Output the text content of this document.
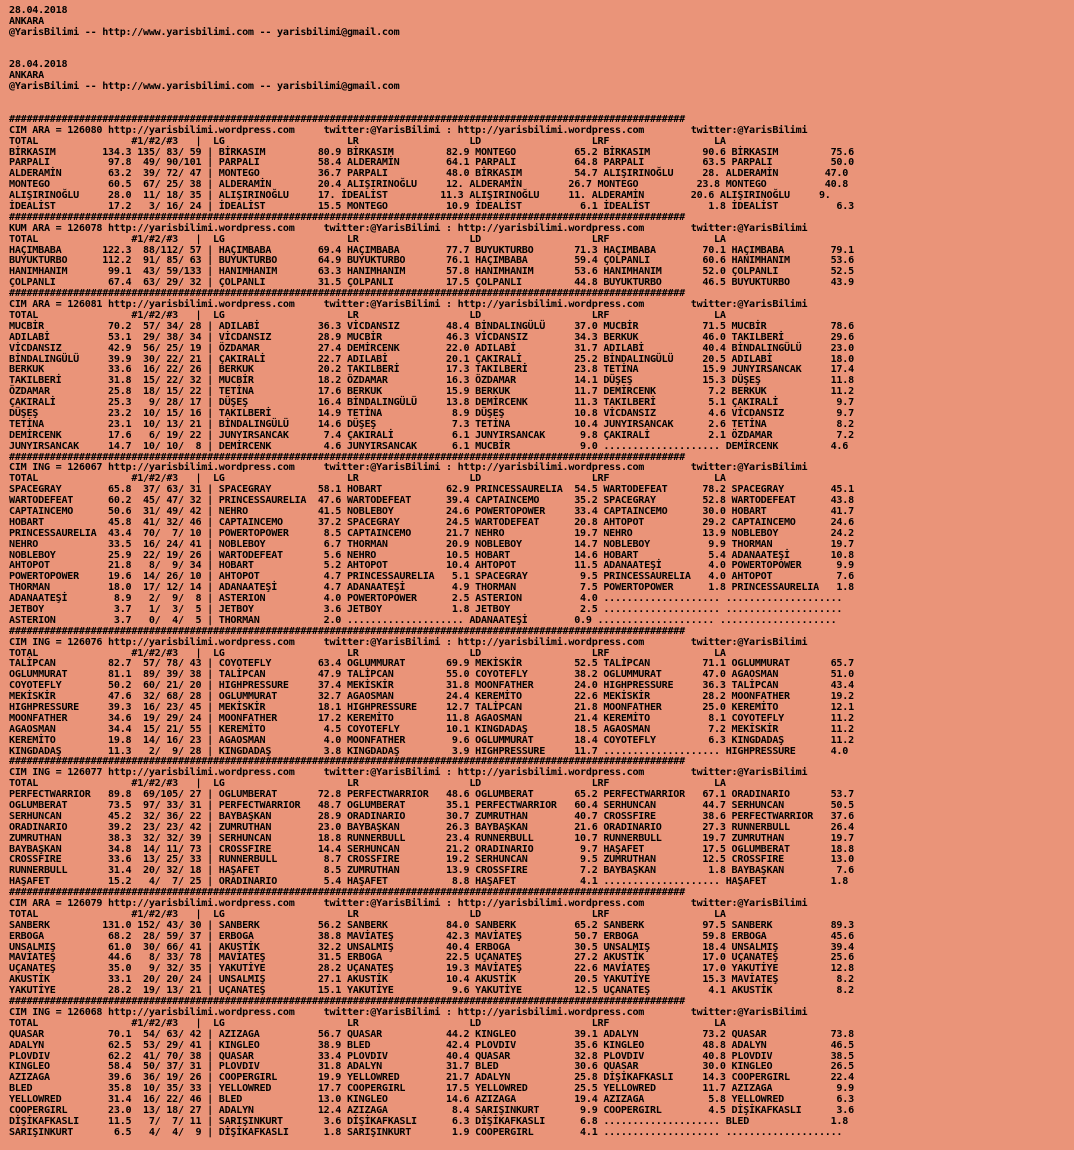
28.04.2018
ANKARA
@YarisBilimi -- http://www.yarisbilimi.com -- yarisbilimi@gmail.com

28.04.2018
ANKARA
@YarisBilimi -- http://www.yarisbilimi.com -- yarisbilimi@gmail.com

####################################################################################################################
CIM ARA = 126080 http://yarisbilimi.wordpress.com     twitter:@YarisBilimi : http://yarisbilimi.wordpress.com        twitter:@YarisBilimi
TOTAL                #1/#2/#3   |  LG                     LR                   LD                   LRF                  LA
BİRKASIM        134.3 135/ 83/ 59 | BİRKASIM         80.9 BİRKASIM         82.9 MONTEGO          65.2 BİRKASIM         90.6 BİRKASIM         75.6
PARPALI          97.8  49/ 90/101 | PARPALI          58.4 ALDERAMİN        64.1 PARPALI          64.8 PARPALI          63.5 PARPALI          50.0
ALDERAMİN        63.2  39/ 72/ 47 | MONTEGO          36.7 PARPALI          48.0 BİRKASIM         54.7 ALIŞIRINOĞLU     28. ALDERAMİN        47.0
MONTEGO          60.5  67/ 25/ 38 | ALDERAMİN        20.4 ALIŞIRINOĞLU     12. ALDERAMİN        26.7 MONTEGO          23.8 MONTEGO          40.8
ALIŞIRINOĞLU     28.0  11/ 18/ 35 | ALIŞIRINOĞLU     17. İDEALİST         11.3 ALIŞIRINOĞLU     11. ALDERAMİN        20.6 ALIŞIRINOĞLU     9.
İDEALİST         17.2   3/ 16/ 24 | İDEALİST         15.5 MONTEGO          10.9 İDEALİST          6.1 İDEALİST          1.8 İDEALİST          6.3
####################################################################################################################
KUM ARA = 126078 http://yarisbilimi.wordpress.com     twitter:@YarisBilimi : http://yarisbilimi.wordpress.com        twitter:@YarisBilimi
TOTAL                #1/#2/#3   |  LG                     LR                   LD                   LRF                  LA
HAÇIMBABA       122.3  88/112/ 57 | HAÇIMBABA        69.4 HAÇIMBABA        77.7 BUYUKTURBO       71.3 HAÇIMBABA        70.1 HAÇIMBABA        79.1
BUYUKTURBO      112.2  91/ 85/ 63 | BUYUKTURBO       64.9 BUYUKTURBO       76.1 HAÇIMBABA        59.4 ÇOLPANLI         60.6 HANIMHANIM       53.6
HANIMHANIM       99.1  43/ 59/133 | HANIMHANIM       63.3 HANIMHANIM       57.8 HANIMHANIM       53.6 HANIMHANIM       52.0 ÇOLPANLI         52.5
ÇOLPANLI         67.4  63/ 29/ 32 | ÇOLPANLI         31.5 ÇOLPANLI         17.5 ÇOLPANLI         44.8 BUYUKTURBO       46.5 BUYUKTURBO       43.9
####################################################################################################################
CIM ARA = 126081 http://yarisbilimi.wordpress.com     twitter:@YarisBilimi : http://yarisbilimi.wordpress.com        twitter:@YarisBilimi
TOTAL                #1/#2/#3   |  LG                     LR                   LD                   LRF                  LA
MUCBİR           70.2  57/ 34/ 28 | ADILABİ          36.3 VİCDANSIZ        48.4 BİNDALINGÜLÜ     37.0 MUCBİR           71.5 MUCBİR           78.6
ADILABİ          53.1  29/ 38/ 34 | VİCDANSIZ        28.9 MUCBİR           46.3 VİCDANSIZ        34.3 BERKUK           46.0 TAKILBERİ        29.6
VİCDANSIZ        42.9  56/ 25/ 19 | ÖZDAMAR          27.4 DEMİRCENK        22.0 ADILABİ          31.7 ADILABİ          40.4 BİNDALINGÜLÜ     23.0
BİNDALINGÜLÜ     39.9  30/ 22/ 21 | ÇAKIRALİ         22.7 ADILABİ          20.1 ÇAKIRALİ         25.2 BİNDALINGÜLÜ     20.5 ADILABİ          18.0
BERKUK           33.6  16/ 22/ 26 | BERKUK           20.2 TAKILBERİ        17.3 TAKILBERİ        23.8 TETİNA           15.9 JUNYIRSANCAK     17.4
TAKILBERİ        31.8  15/ 22/ 32 | MUCBİR           18.2 ÖZDAMAR          16.3 ÖZDAMAR          14.1 DÜŞEŞ            15.3 DÜŞEŞ            11.8
ÖZDAMAR          25.8  18/ 15/ 22 | TETİNA           17.6 BERKUK           15.9 BERKUK           11.7 DEMİRCENK         7.2 BERKUK           11.2
ÇAKIRALİ         25.3   9/ 28/ 17 | DÜŞEŞ            16.4 BİNDALINGÜLÜ     13.8 DEMİRCENK        11.3 TAKILBERİ         5.1 ÇAKIRALİ          9.7
DÜŞEŞ            23.2  10/ 15/ 16 | TAKILBERİ        14.9 TETİNA            8.9 DÜŞEŞ            10.8 VİCDANSIZ         4.6 VİCDANSIZ         9.7
TETİNA           23.1  10/ 13/ 21 | BİNDALINGÜLÜ     14.6 DÜŞEŞ             7.3 TETİNA           10.4 JUNYIRSANCAK      2.6 TETİNA            8.2
DEMİRCENK        17.6   6/ 19/ 22 | JUNYIRSANCAK      7.4 ÇAKIRALİ          6.1 JUNYIRSANCAK      9.8 ÇAKIRALİ          2.1 ÖZDAMAR           7.2
JUNYIRSANCAK     14.7  10/ 10/  8 | DEMİRCENK         4.6 JUNYIRSANCAK      6.1 MUCBİR            9.0 .................... DEMİRCENK         4.6
####################################################################################################################
CIM ING = 126067 http://yarisbilimi.wordpress.com     twitter:@YarisBilimi : http://yarisbilimi.wordpress.com        twitter:@YarisBilimi
TOTAL                #1/#2/#3   |  LG                     LR                   LD                   LRF                  LA
SPACEGRAY        65.8  37/ 63/ 31 | SPACEGRAY        58.1 HOBART           62.9 PRINCESSAURELIA  54.5 WARTODEFEAT      78.2 SPACEGRAY        45.1
WARTODEFEAT      60.2  45/ 47/ 32 | PRINCESSAURELIA  47.6 WARTODEFEAT      39.4 CAPTAINCEMO      35.2 SPACEGRAY        52.8 WARTODEFEAT      43.8
CAPTAINCEMO      50.6  31/ 49/ 42 | NEHRO            41.5 NOBLEBOY         24.6 POWERTOPOWER     33.4 CAPTAINCEMO      30.0 HOBART           41.7
HOBART           45.8  41/ 32/ 46 | CAPTAINCEMO      37.2 SPACEGRAY        24.5 WARTODEFEAT      20.8 AHTOPOT          29.2 CAPTAINCEMO      24.6
PRINCESSAURELIA  43.4  70/  7/ 10 | POWERTOPOWER      8.5 CAPTAINCEMO      21.7 NEHRO            19.7 NEHRO            13.9 NOBLEBOY         24.2
NEHRO            33.5  16/ 24/ 41 | NOBLEBOY          6.7 THORMAN          20.9 NOBLEBOY         14.7 NOBLEBOY          9.9 THORMAN          19.7
NOBLEBOY         25.9  22/ 19/ 26 | WARTODEFEAT       5.6 NEHRO            10.5 HOBART           14.6 HOBART            5.4 ADANAATEŞİ       10.8
AHTOPOT          21.8   8/  9/ 34 | HOBART            5.2 AHTOPOT          10.4 AHTOPOT          11.5 ADANAATEŞİ        4.0 POWERTOPOWER      9.9
POWERTOPOWER     19.6  14/ 26/ 10 | AHTOPOT           4.7 PRINCESSAURELIA   5.1 SPACEGRAY         9.5 PRINCESSAURELIA   4.0 AHTOPOT           7.6
THORMAN          18.0  17/ 12/ 14 | ADANAATEŞİ        4.7 ADANAATEŞİ        4.9 THORMAN           7.5 POWERTOPOWER      1.8 PRINCESSAURELIA   1.8
ADANAATEŞİ        8.9   2/  9/  8 | ASTERION          4.0 POWERTOPOWER      2.5 ASTERION          4.0 .................... ....................
JETBOY            3.7   1/  3/  5 | JETBOY            3.6 JETBOY            1.8 JETBOY            2.5 .................... ....................
ASTERION          3.7   0/  4/  5 | THORMAN           2.0 .................... ADANAATEŞİ        0.9 .................... ....................
####################################################################################################################
CIM ING = 126076 http://yarisbilimi.wordpress.com     twitter:@YarisBilimi : http://yarisbilimi.wordpress.com        twitter:@YarisBilimi
TOTAL                #1/#2/#3   |  LG                     LR                   LD                   LRF                  LA
TALİPCAN         82.7  57/ 78/ 43 | COYOTEFLY        63.4 OGLUMMURAT       69.9 MEKİSKİR         52.5 TALİPCAN         71.1 OGLUMMURAT       65.7
OGLUMMURAT       81.1  89/ 39/ 38 | TALİPCAN         47.9 TALİPCAN         55.0 COYOTEFLY        38.2 OGLUMMURAT       47.0 AGAOSMAN         51.0
COYOTEFLY        50.2  60/ 21/ 20 | HIGHPRESSURE     37.4 MEKİSKİR         31.8 MOONFATHER       24.0 HIGHPRESSURE     36.3 TALİPCAN         43.4
MEKİSKİR         47.6  32/ 68/ 28 | OGLUMMURAT       32.7 AGAOSMAN         24.4 KEREMİTO         22.6 MEKİSKİR         28.2 MOONFATHER       19.2
HIGHPRESSURE     39.3  16/ 23/ 45 | MEKİSKİR         18.1 HIGHPRESSURE     12.7 TALİPCAN         21.8 MOONFATHER       25.0 KEREMİTO         12.1
MOONFATHER       34.6  19/ 29/ 24 | MOONFATHER       17.2 KEREMİTO         11.8 AGAOSMAN         21.4 KEREMİTO          8.1 COYOTEFLY        11.2
AGAOSMAN         34.4  15/ 21/ 55 | KEREMİTO          4.5 COYOTEFLY        10.1 KINGDADAŞ        18.5 AGAOSMAN          7.2 MEKİSKİR         11.2
KEREMİTO         19.8  14/ 16/ 23 | AGAOSMAN          4.0 MOONFATHER        9.6 OGLUMMURAT       18.4 COYOTEFLY         6.3 KINGDADAŞ        11.2
KINGDADAŞ        11.3   2/  9/ 28 | KINGDADAŞ         3.8 KINGDADAŞ         3.9 HIGHPRESSURE     11.7 .................... HIGHPRESSURE      4.0
####################################################################################################################
CIM ING = 126077 http://yarisbilimi.wordpress.com     twitter:@YarisBilimi : http://yarisbilimi.wordpress.com        twitter:@YarisBilimi
TOTAL                #1/#2/#3   |  LG                     LR                   LD                   LRF                  LA
PERFECTWARRIOR   89.8  69/105/ 27 | OGLUMBERAT       72.8 PERFECTWARRIOR   48.6 OGLUMBERAT       65.2 PERFECTWARRIOR   67.1 ORADINARIO       53.7
OGLUMBERAT       73.5  97/ 33/ 31 | PERFECTWARRIOR   48.7 OGLUMBERAT       35.1 PERFECTWARRIOR   60.4 SERHUNCAN        44.7 SERHUNCAN        50.5
SERHUNCAN        45.2  32/ 36/ 22 | BAYBAŞKAN        28.9 ORADINARIO       30.7 ZUMRUTHAN        40.7 CROSSFIRE        38.6 PERFECTWARRIOR   37.6
ORADINARIO       39.2  23/ 23/ 42 | ZUMRUTHAN        23.0 BAYBAŞKAN        26.3 BAYBAŞKAN        21.6 ORADINARIO       27.3 RUNNERBULL       26.4
ZUMRUTHAN        38.3  32/ 32/ 39 | SERHUNCAN        18.8 RUNNERBULL       23.4 RUNNERBULL       10.7 RUNNERBULL       19.7 ZUMRUTHAN        19.7
BAYBAŞKAN        34.8  14/ 11/ 73 | CROSSFIRE        14.4 SERHUNCAN        21.2 ORADINARIO        9.7 HAŞAFET          17.5 OGLUMBERAT       18.8
CROSSFIRE        33.6  13/ 25/ 33 | RUNNERBULL        8.7 CROSSFIRE        19.2 SERHUNCAN         9.5 ZUMRUTHAN        12.5 CROSSFIRE        13.0
RUNNERBULL       31.4  20/ 32/ 18 | HAŞAFET           8.5 ZUMRUTHAN        13.9 CROSSFIRE         7.2 BAYBAŞKAN         1.8 BAYBAŞKAN         7.6
HAŞAFET          15.2   4/  7/ 25 | ORADINARIO        5.4 HAŞAFET           8.8 HAŞAFET           4.1 .................... HAŞAFET           1.8
####################################################################################################################
CIM ARA = 126079 http://yarisbilimi.wordpress.com     twitter:@YarisBilimi : http://yarisbilimi.wordpress.com        twitter:@YarisBilimi
TOTAL                #1/#2/#3   |  LG                     LR                   LD                   LRF                  LA
SANBERK         131.0 152/ 43/ 30 | SANBERK          56.2 SANBERK          84.0 SANBERK          65.2 SANBERK          97.5 SANBERK          89.3
ERBOGA           68.2  28/ 59/ 37 | ERBOGA           38.8 MAVİATEŞ         42.3 MAVİATEŞ         50.7 ERBOGA           59.8 ERBOGA           45.6
UNSALMIŞ         61.0  30/ 66/ 41 | AKUSTİK          32.2 UNSALMIŞ         40.4 ERBOGA           30.5 UNSALMIŞ         18.4 UNSALMIŞ         39.4
MAVİATEŞ         44.6   8/ 33/ 78 | MAVİATEŞ         31.5 ERBOGA           22.5 UÇANATEŞ         27.2 AKUSTİK          17.0 UÇANATEŞ         25.6
UÇANATEŞ         35.0   9/ 32/ 35 | YAKUTİYE         28.2 UÇANATEŞ         19.3 MAVİATEŞ         22.6 MAVİATEŞ         17.0 YAKUTİYE         12.8
AKUSTİK          33.1  20/ 20/ 24 | UNSALMIŞ         27.1 AKUSTİK          10.4 AKUSTİK          20.5 YAKUTİYE         15.3 MAVİATEŞ          8.2
YAKUTİYE         28.2  19/ 13/ 21 | UÇANATEŞ         15.1 YAKUTİYE          9.6 YAKUTİYE         12.5 UÇANATEŞ          4.1 AKUSTİK           8.2
####################################################################################################################
CIM ING = 126068 http://yarisbilimi.wordpress.com     twitter:@YarisBilimi : http://yarisbilimi.wordpress.com        twitter:@YarisBilimi
TOTAL                #1/#2/#3   |  LG                     LR                   LD                   LRF                  LA
QUASAR           70.1  54/ 63/ 42 | AZIZAGA          56.7 QUASAR           44.2 KINGLEO          39.1 ADALYN           73.2 QUASAR           73.8
ADALYN           62.5  53/ 29/ 41 | KINGLEO          38.9 BLED             42.4 PLOVDIV          35.6 KINGLEO          48.8 ADALYN           46.5
PLOVDIV          62.2  41/ 70/ 38 | QUASAR           33.4 PLOVDIV          40.4 QUASAR           32.8 PLOVDIV          40.8 PLOVDIV          38.5
KINGLEO          58.4  50/ 37/ 31 | PLOVDIV          31.8 ADALYN           31.7 BLED             30.6 QUASAR           30.0 KINGLEO          26.5
AZIZAGA          39.6  36/ 19/ 26 | COOPERGIRL       19.9 YELLOWRED        21.7 ADALYN           25.8 DİŞİKAFKASLI     14.3 COOPERGIRL       22.4
BLED             35.8  10/ 35/ 33 | YELLOWRED        17.7 COOPERGIRL       17.5 YELLOWRED        25.5 YELLOWRED        11.7 AZIZAGA           9.9
YELLOWRED        31.4  16/ 22/ 46 | BLED             13.0 KINGLEO          14.6 AZIZAGA          19.4 AZIZAGA           5.8 YELLOWRED         6.3
COOPERGIRL       23.0  13/ 18/ 27 | ADALYN           12.4 AZIZAGA           8.4 SARIŞINKURT       9.9 COOPERGIRL        4.5 DİŞİKAFKASLI      3.6
DİŞİKAFKASLI     11.5   7/  7/ 11 | SARIŞINKURT       3.6 DİŞİKAFKASLI      6.3 DİŞİKAFKASLI      6.8 .................... BLED              1.8
SARIŞINKURT       6.5   4/  4/  9 | DİŞİKAFKASLI      1.8 SARIŞINKURT       1.9 COOPERGIRL        4.1 .................... ....................
